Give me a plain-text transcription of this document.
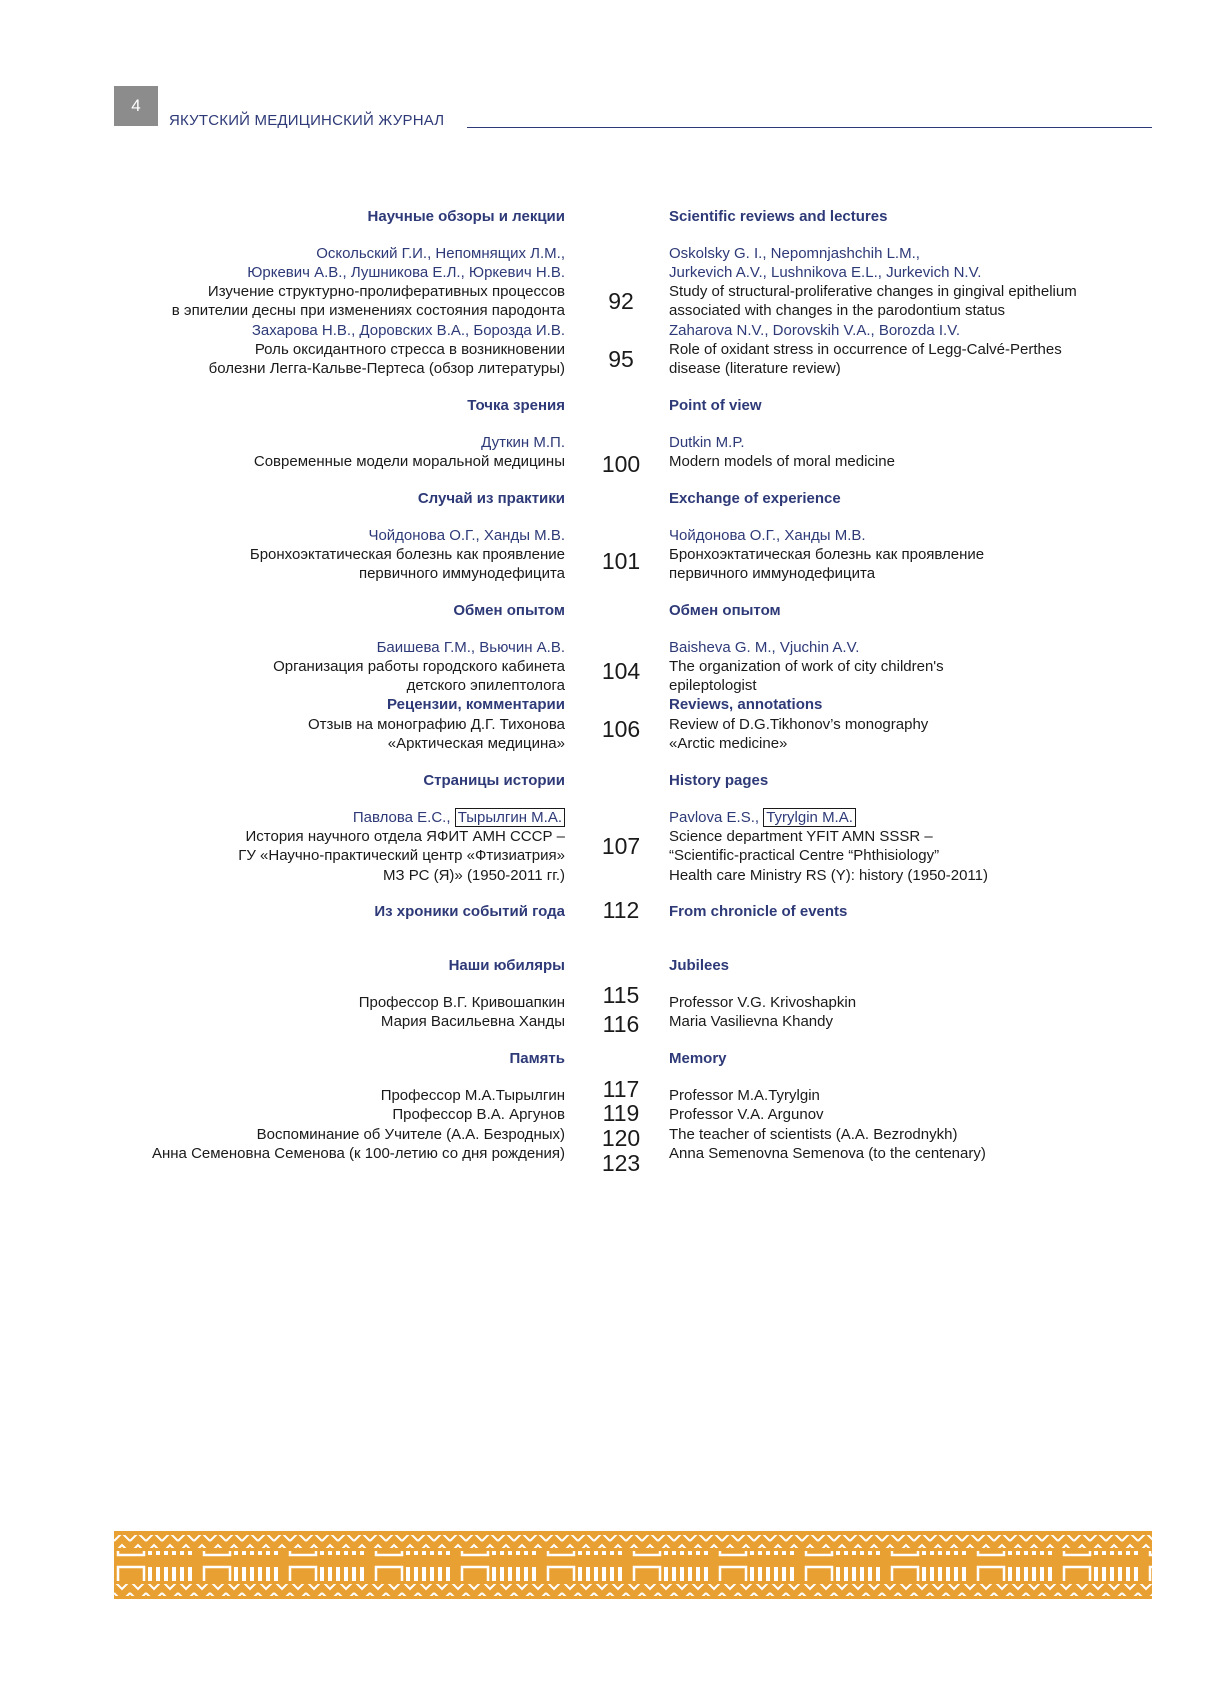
4
ЯКУТСКИЙ МЕДИЦИНСКИЙ ЖУРНАЛ
Научные обзоры и лекции
Оскольский Г.И., Непомнящих Л.М.,
Юркевич А.В., Лушникова Е.Л., Юркевич Н.В.
Изучение структурно-пролиферативных процессов
в эпителии десны при изменениях состояния пародонта
Захарова Н.В., Доровских В.А., Борозда И.В.
Роль оксидантного стресса в возникновении
болезни Легга-Кальве-Пертеса (обзор литературы)
Точка зрения
Дуткин М.П.
Современные модели моральной медицины
Случай из практики
Чойдонова О.Г., Ханды М.В.
Бронхоэктатическая болезнь как проявление
первичного иммунодефицита
Обмен опытом
Баишева Г.М., Вьючин А.В.
Организация работы городского кабинета
детского эпилептолога
Рецензии, комментарии
Отзыв на монографию Д.Г. Тихонова
«Арктическая медицина»
Страницы истории
Павлова Е.С., Тырылгин М.А.
История научного отдела ЯФИТ АМН СССР –
ГУ «Научно-практический центр «Фтизиатрия»
МЗ РС (Я)» (1950-2011 гг.)
Из хроники событий года
Наши юбиляры
Профессор В.Г. Кривошапкин
Мария Васильевна Ханды
Память
Профессор М.А.Тырылгин
Профессор В.А. Аргунов
Воспоминание об Учителе (А.А. Безродных)
Анна Семеновна Семенова (к 100-летию со дня рождения)
92
95
100
101
104
106
107
112
115
116
117
119
120
123
Scientific reviews and lectures
Oskolsky G. I., Nepomnjashchih L.M.,
Jurkevich A.V., Lushnikova E.L., Jurkevich N.V.
Study of structural-proliferative changes in gingival epithelium
associated with changes in the parodontium status
Zaharova N.V., Dorovskih V.A., Borozda I.V.
Role of oxidant stress in occurrence of Legg-Calvé-Perthes
disease (literature review)
Point of view
Dutkin M.P.
Modern models of moral medicine
Exchange of experience
Чойдонова О.Г., Ханды М.В.
Бронхоэктатическая болезнь как проявление
первичного иммунодефицита
Обмен опытом
Baisheva G. M., Vjuchin A.V.
The organization of work of city children's
epileptologist
Reviews, annotations
Review of D.G.Tikhonov’s monography
«Arctic medicine»
History pages
Pavlova E.S., Tyrylgin M.A.
Science department YFIT AMN SSSR –
“Scientific-practical Centre “Phthisiology”
Health care Ministry RS (Y): history (1950-2011)
From chronicle of events
Jubilees
Professor V.G. Krivoshapkin
Maria Vasilievna Khandy
Memory
Professor M.A.Tyrylgin
Professor V.A. Argunov
The teacher of scientists (A.A. Bezrodnykh)
Anna Semenovna Semenova (to the centenary)
